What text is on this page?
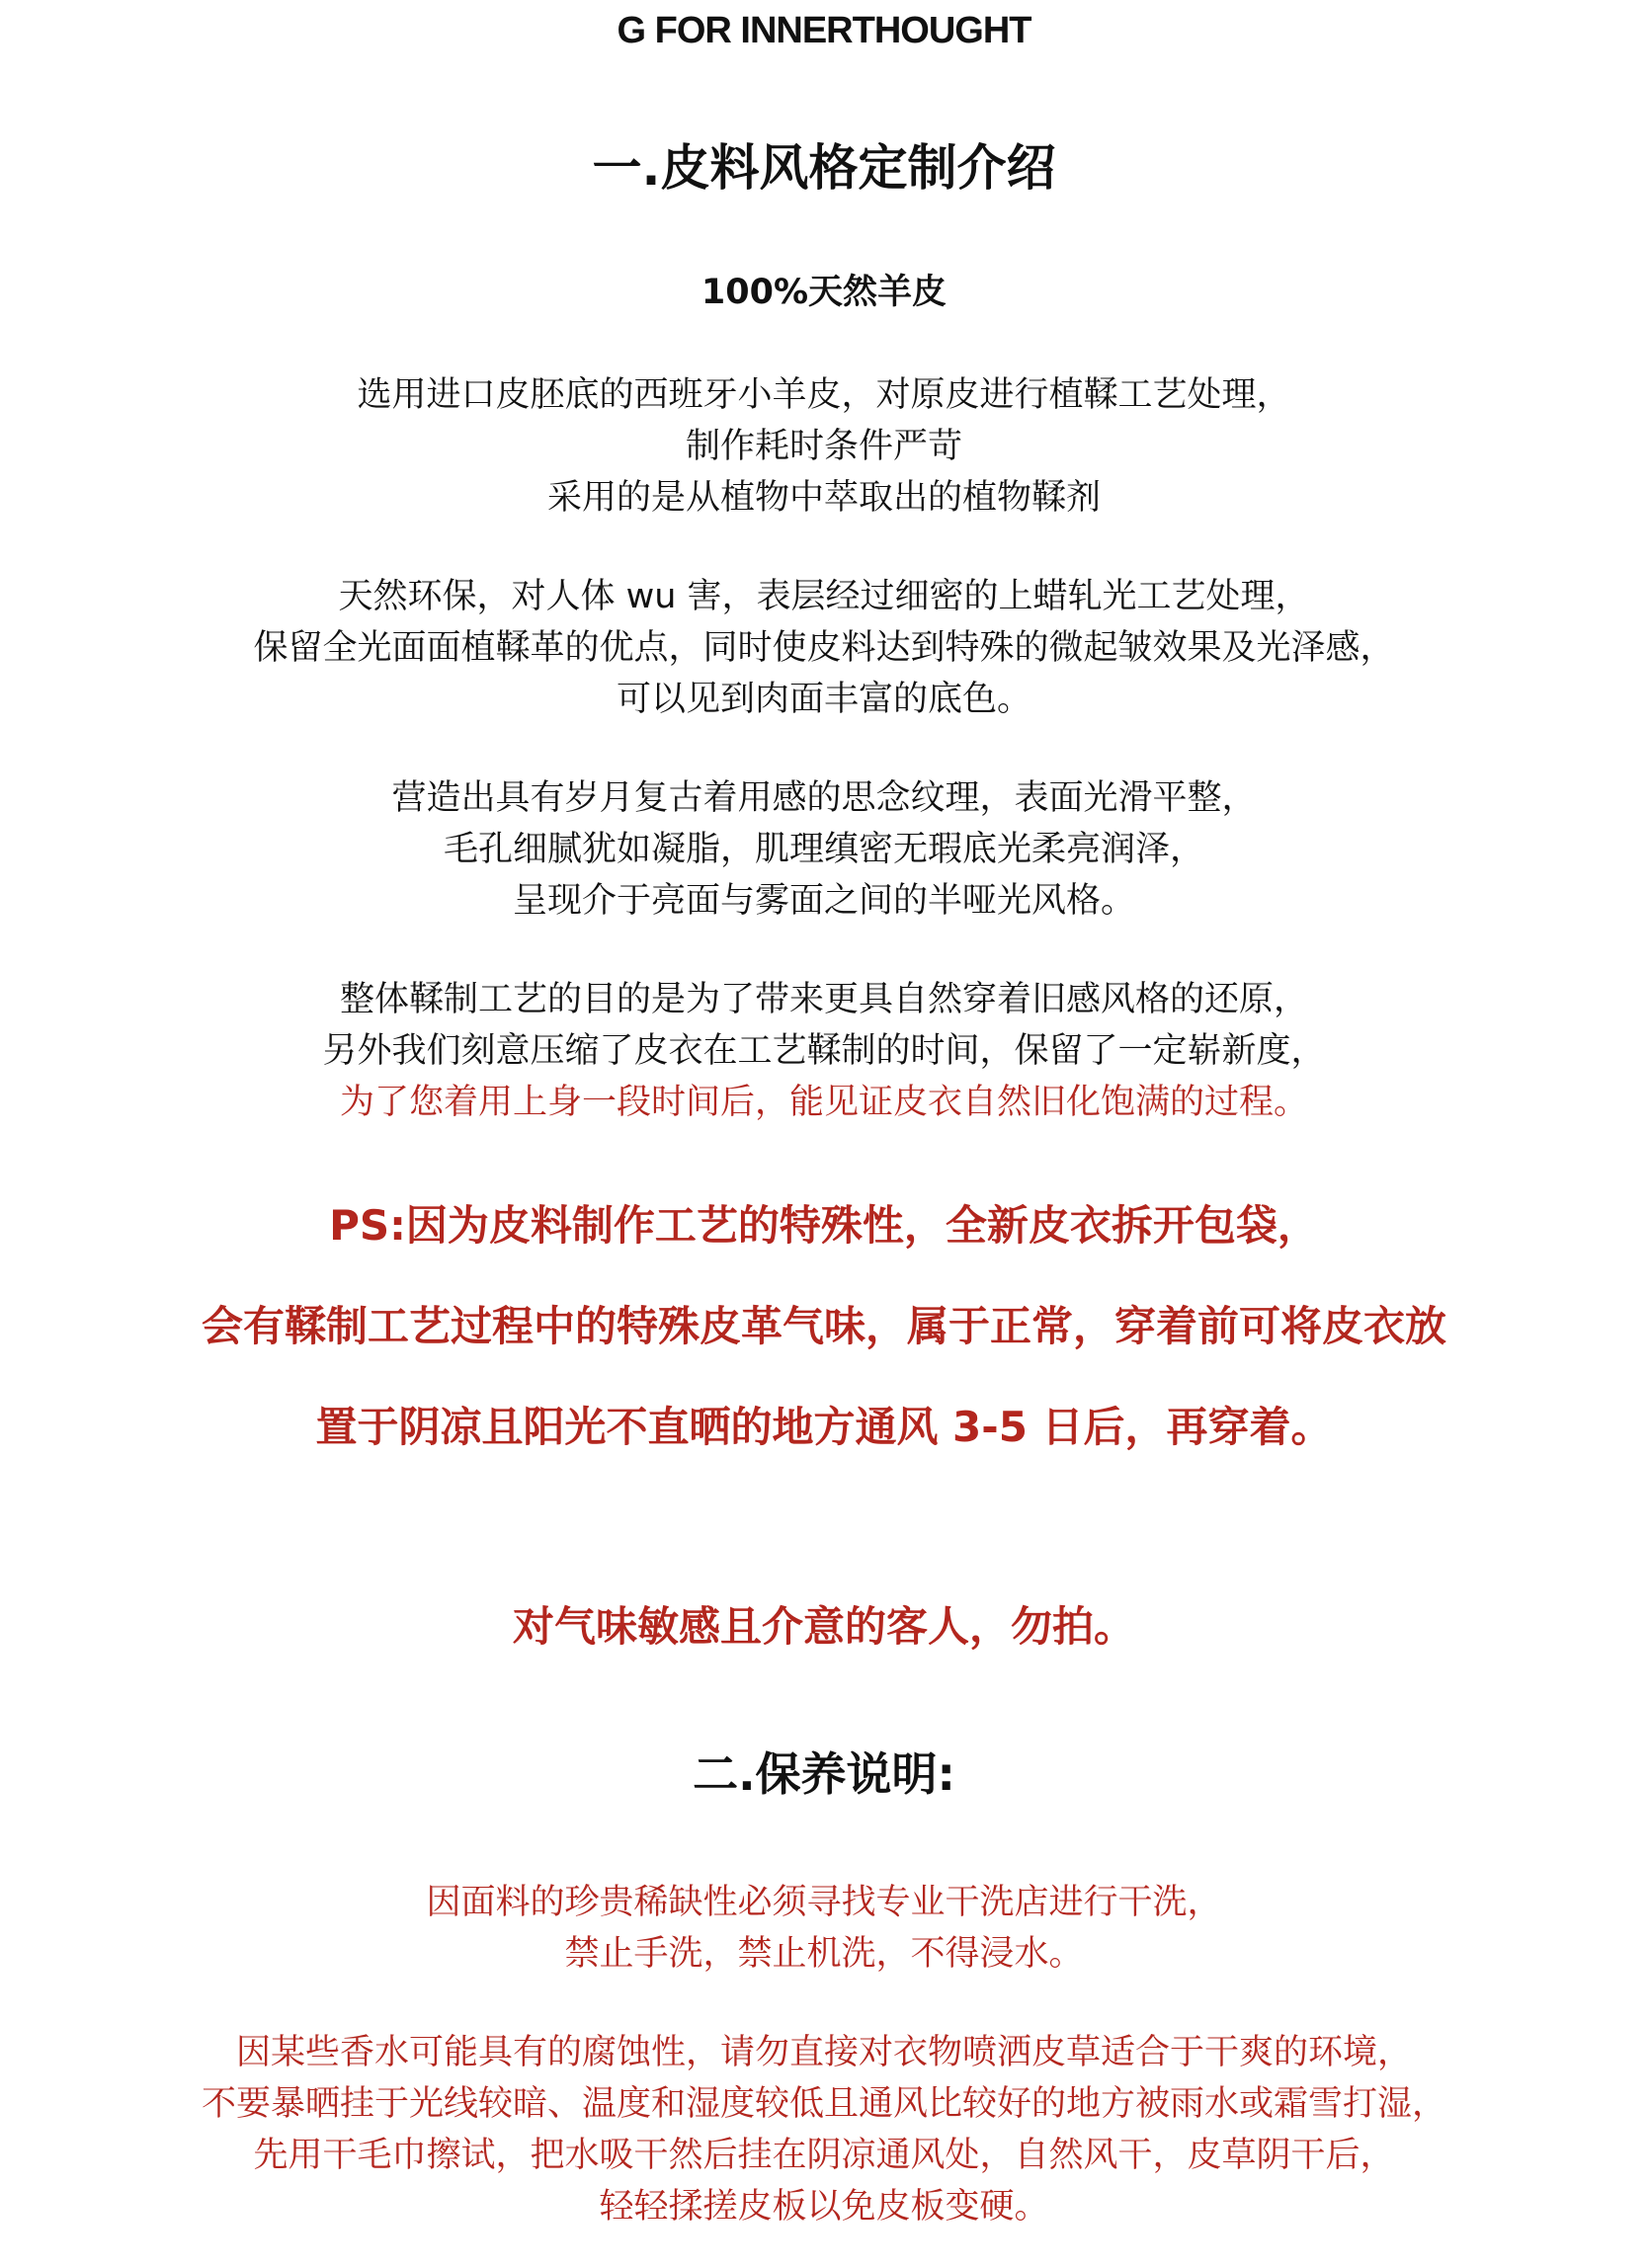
G FOR INNERTHOUGHT
一.皮料风格定制介绍
100%天然羊皮
选用进口皮胚底的西班牙小羊皮，对原皮进行植鞣工艺处理，
制作耗时条件严苛
采用的是从植物中萃取出的植物鞣剂
天然环保，对人体 wu 害，表层经过细密的上蜡轧光工艺处理，
保留全光面面植鞣革的优点，同时使皮料达到特殊的微起皱效果及光泽感，
可以见到肉面丰富的底色。
营造出具有岁月复古着用感的思念纹理，表面光滑平整，
毛孔细腻犹如凝脂，肌理缜密无瑕底光柔亮润泽，
呈现介于亮面与雾面之间的半哑光风格。
整体鞣制工艺的目的是为了带来更具自然穿着旧感风格的还原，
另外我们刻意压缩了皮衣在工艺鞣制的时间，保留了一定崭新度，
为了您着用上身一段时间后，能见证皮衣自然旧化饱满的过程。
PS:因为皮料制作工艺的特殊性，全新皮衣拆开包袋，
会有鞣制工艺过程中的特殊皮革气味，属于正常，穿着前可将皮衣放
置于阴凉且阳光不直晒的地方通风 3-5 日后，再穿着。
对气味敏感且介意的客人，勿拍。
二.保养说明:
因面料的珍贵稀缺性必须寻找专业干洗店进行干洗，
禁止手洗，禁止机洗，不得浸水。
因某些香水可能具有的腐蚀性，请勿直接对衣物喷洒皮草适合于干爽的环境，
不要暴晒挂于光线较暗、温度和湿度较低且通风比较好的地方被雨水或霜雪打湿，
先用干毛巾擦试，把水吸干然后挂在阴凉通风处，自然风干，皮草阴干后，
轻轻揉搓皮板以免皮板变硬。
